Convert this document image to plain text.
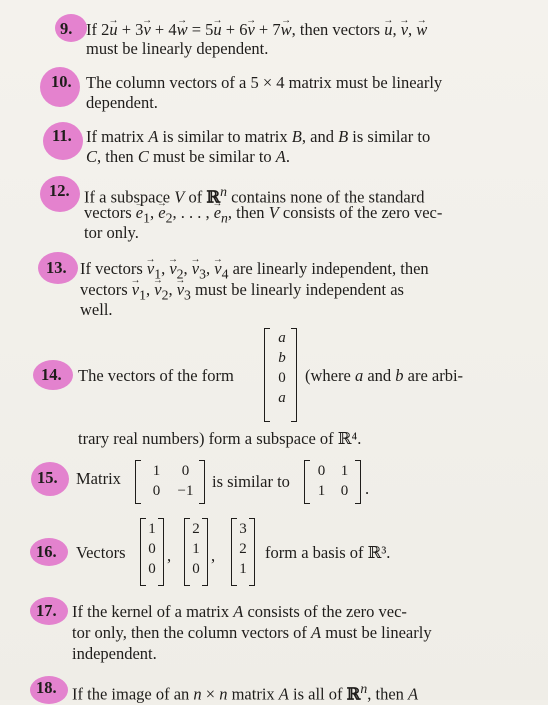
9. If 2→ u + 3→ v + 4→ w = 5→ u + 6→ v + 7→ w, then vectors → u, → v, → w
must be linearly dependent.
10. The column vectors of a 5 × 4 matrix must be linearly
dependent.
11. If matrix A is similar to matrix B, and B is similar to
C, then C must be similar to A.
12. If a subspace V of ℝ$^n$ contains none of the standard
vectors → $e_1$, → $e_2$, . . . , → $e_n$, then V consists of the zero vec-
tor only.
13. If vectors → $v_1$, → $v_2$, → $v_3$, → $v_4$ are linearly independent, then
vectors → $v_1$, → $v_2$, → $v_3$ must be linearly independent as
well.
14. The vectors of the form
a
b
0
a
(where a and b are arbi-
trary real numbers) form a subspace of ℝ⁴.
15. Matrix	1	0
0	−1	is similar to
0	1
1	0	.
16. Vectors
1
0
0
,
2
1
0
,
3
2
1
form a basis of ℝ³.
17. If the kernel of a matrix A consists of the zero vec-
tor only, then the column vectors of A must be linearly
independent.
18. If the image of an n × n matrix A is all of ℝ$^n$, then A
